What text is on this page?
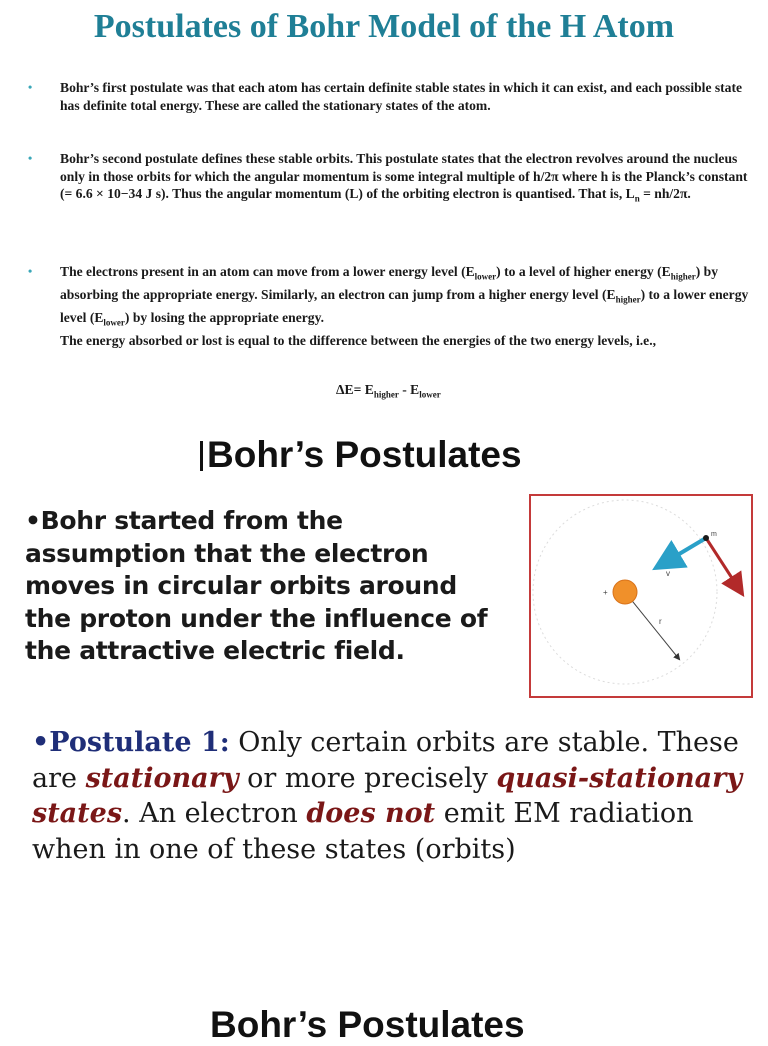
Postulates of Bohr Model of the H Atom
• Bohr’s first postulate was that each atom has certain definite stable states in which it can exist, and each possible state has definite total energy. These are called the stationary states of the atom.
• Bohr’s second postulate defines these stable orbits. This postulate states that the electron revolves around the nucleus only in those orbits for which the angular momentum is some integral multiple of h/2π where h is the Planck’s constant (= 6.6 × 10−34 J s). Thus the angular momentum (L) of the orbiting electron is quantised. That is, $L_n = nh/2\pi$.
• The electrons present in an atom can move from a lower energy level $(E_{lower})$ to a level of higher energy $(E_{higher})$ by absorbing the appropriate energy. Similarly, an electron can jump from a higher energy level $(E_{higher})$ to a lower energy level $(E_{lower})$ by losing the appropriate energy.
The energy absorbed or lost is equal to the difference between the energies of the two energy levels, i.e.,
$\Delta E= E_{higher} - E_{lower}$
Bohr’s Postulates
•Bohr started from the assumption that the electron moves in circular orbits around the proton under the influence of the attractive electric field.
r
+
v
m
•Postulate 1: Only certain orbits are stable. These are stationary or more precisely quasi-stationary states. An electron does not emit EM radiation when in one of these states (orbits)
Bohr’s Postulates
